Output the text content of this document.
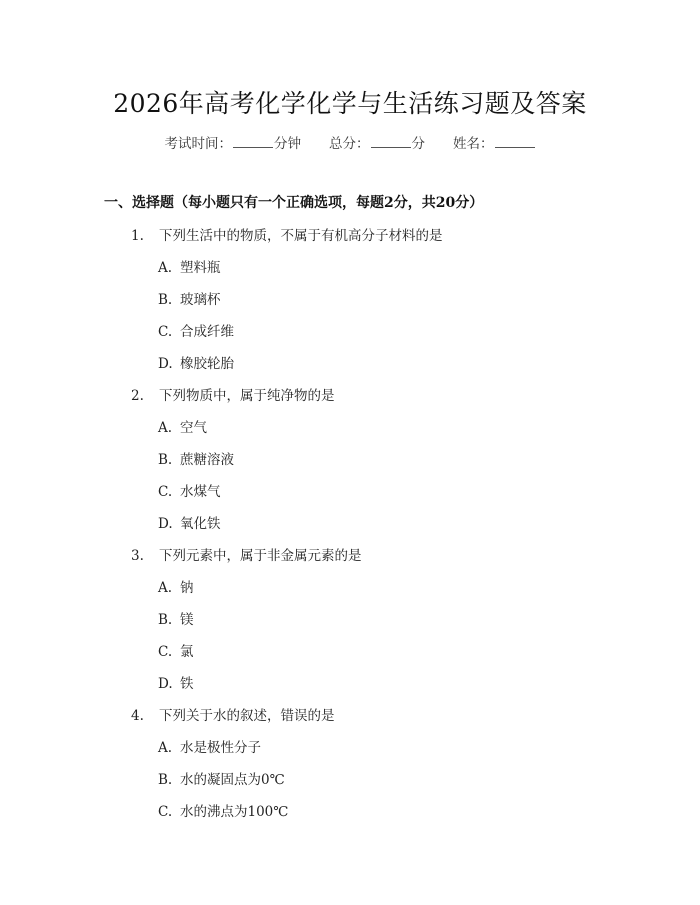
2026年高考化学化学与生活练习题及答案
考试时间：	分钟 总分：	分 姓名：
一、选择题（每小题只有一个正确选项，每题2分，共20分）
1. 下列生活中的物质，不属于有机高分子材料的是
A. 塑料瓶
B. 玻璃杯
C. 合成纤维
D. 橡胶轮胎
2. 下列物质中，属于纯净物的是
A. 空气
B. 蔗糖溶液
C. 水煤气
D. 氧化铁
3. 下列元素中，属于非金属元素的是
A. 钠
B. 镁
C. 氯
D. 铁
4. 下列关于水的叙述，错误的是
A. 水是极性分子
B. 水的凝固点为0℃
C. 水的沸点为100℃
